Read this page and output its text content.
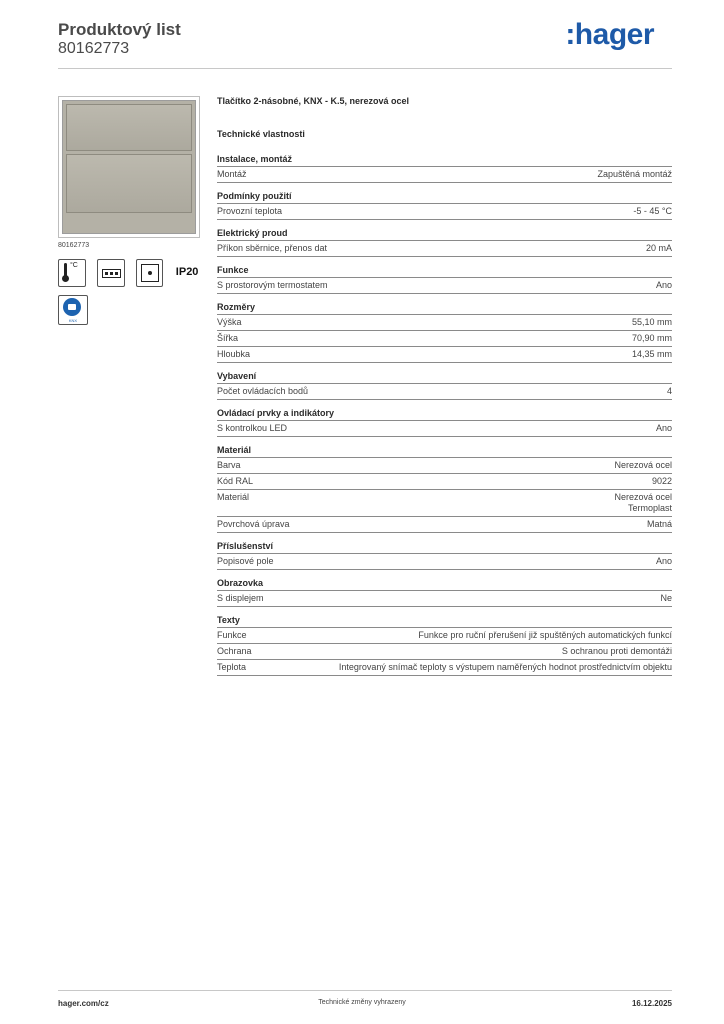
Produktový list
80162773	:hager
80162773
°C
IP20
KNX
Tlačítko 2-násobné, KNX - K.5, nerezová ocel
Technické vlastnosti
Instalace, montáž
Montáž	Zapuštěná montáž
Podmínky použití
Provozní teplota	-5 - 45 °C
Elektrický proud
Příkon sběrnice, přenos dat	20 mA
Funkce
S prostorovým termostatem	Ano
Rozměry
Výška	55,10 mm
Šířka	70,90 mm
Hloubka	14,35 mm
Vybavení
Počet ovládacích bodů	4
Ovládací prvky a indikátory
S kontrolkou LED	Ano
Materiál
Barva	Nerezová ocel
Kód RAL	9022
Materiál	Nerezová ocel
Termoplast
Povrchová úprava	Matná
Příslušenství
Popisové pole	Ano
Obrazovka
S displejem	Ne
Texty
Funkce	Funkce pro ruční přerušení již spuštěných automatických funkcí
Ochrana	S ochranou proti demontáži
Teplota	Integrovaný snímač teploty s výstupem naměřených hodnot prostřednictvím objektu
hager.com/cz	Technické změny vyhrazeny	16.12.2025
